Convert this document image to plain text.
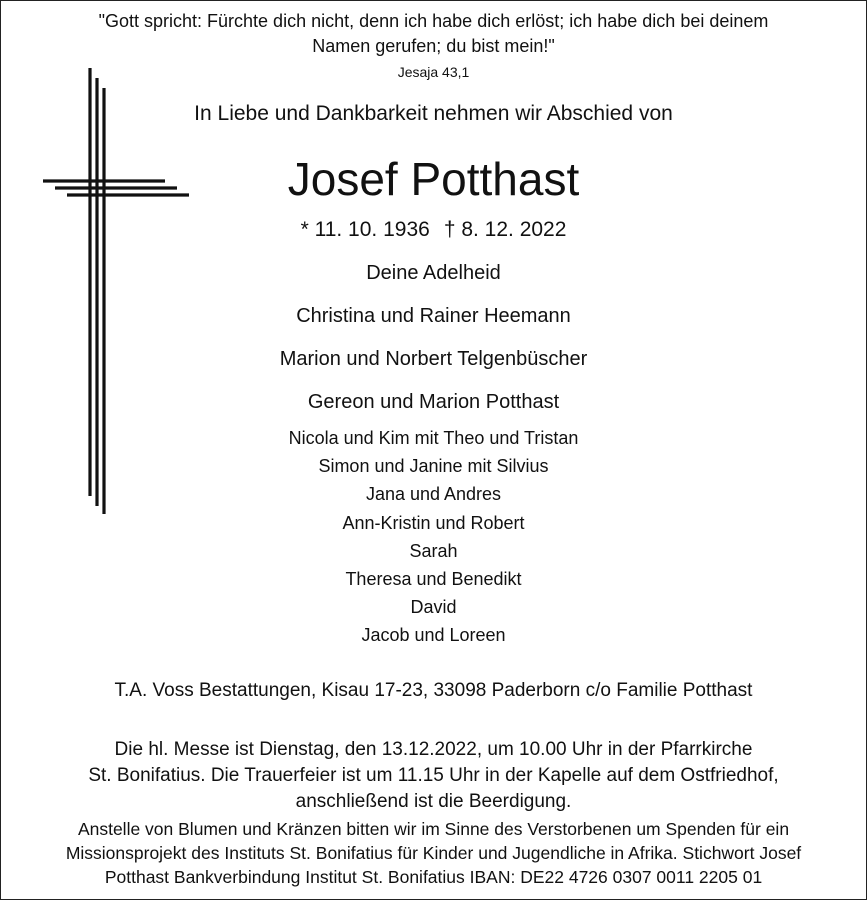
"Gott spricht: Fürchte dich nicht, denn ich habe dich erlöst; ich habe dich bei deinem
Namen gerufen; du bist mein!"
Jesaja 43,1
In Liebe und Dankbarkeit nehmen wir Abschied von
Josef Potthast
* 11. 10. 1936 † 8. 12. 2022
Deine Adelheid
Christina und Rainer Heemann
Marion und Norbert Telgenbüscher
Gereon und Marion Potthast
Nicola und Kim mit Theo und Tristan
Simon und Janine mit Silvius
Jana und Andres
Ann-Kristin und Robert
Sarah
Theresa und Benedikt
David
Jacob und Loreen
T.A. Voss Bestattungen, Kisau 17-23, 33098 Paderborn c/o Familie Potthast
Die hl. Messe ist Dienstag, den 13.12.2022, um 10.00 Uhr in der Pfarrkirche
St. Bonifatius. Die Trauerfeier ist um 11.15 Uhr in der Kapelle auf dem Ostfriedhof,
anschließend ist die Beerdigung.
Anstelle von Blumen und Kränzen bitten wir im Sinne des Verstorbenen um Spenden für ein
Missionsprojekt des Instituts St. Bonifatius für Kinder und Jugendliche in Afrika. Stichwort Josef
Potthast Bankverbindung Institut St. Bonifatius IBAN: DE22 4726 0307 0011 2205 01
